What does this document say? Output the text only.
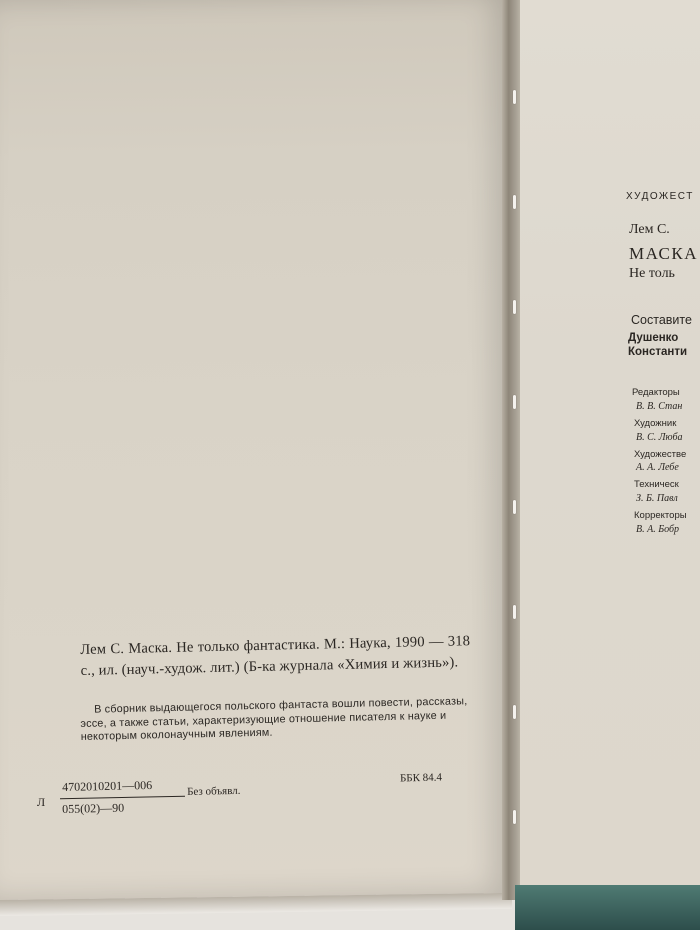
Лем С. Маска. Не только фантастика. М.: Наука, 1990 — 318 с., ил. (науч.-худож. лит.) (Б-ка журнала «Химия и жизнь»).
В сборник выдающегося польского фантаста вошли повести, рассказы, эссе, а также статьи, характеризующие отношение писателя к науке и некоторым околонаучным явлениям.
ББК 84.4
Л
4702010201—006
055(02)—90
Без объявл.
ХУДОЖЕСТ
Лем С.
МАСКА
Не толь
Составите
Душенко
Константи
Редакторы
В. В. Стан
Художник
В. С. Люба
Художестве
А. А. Лебе
Техническ
З. Б. Павл
Корректоры
В. А. Бобр
